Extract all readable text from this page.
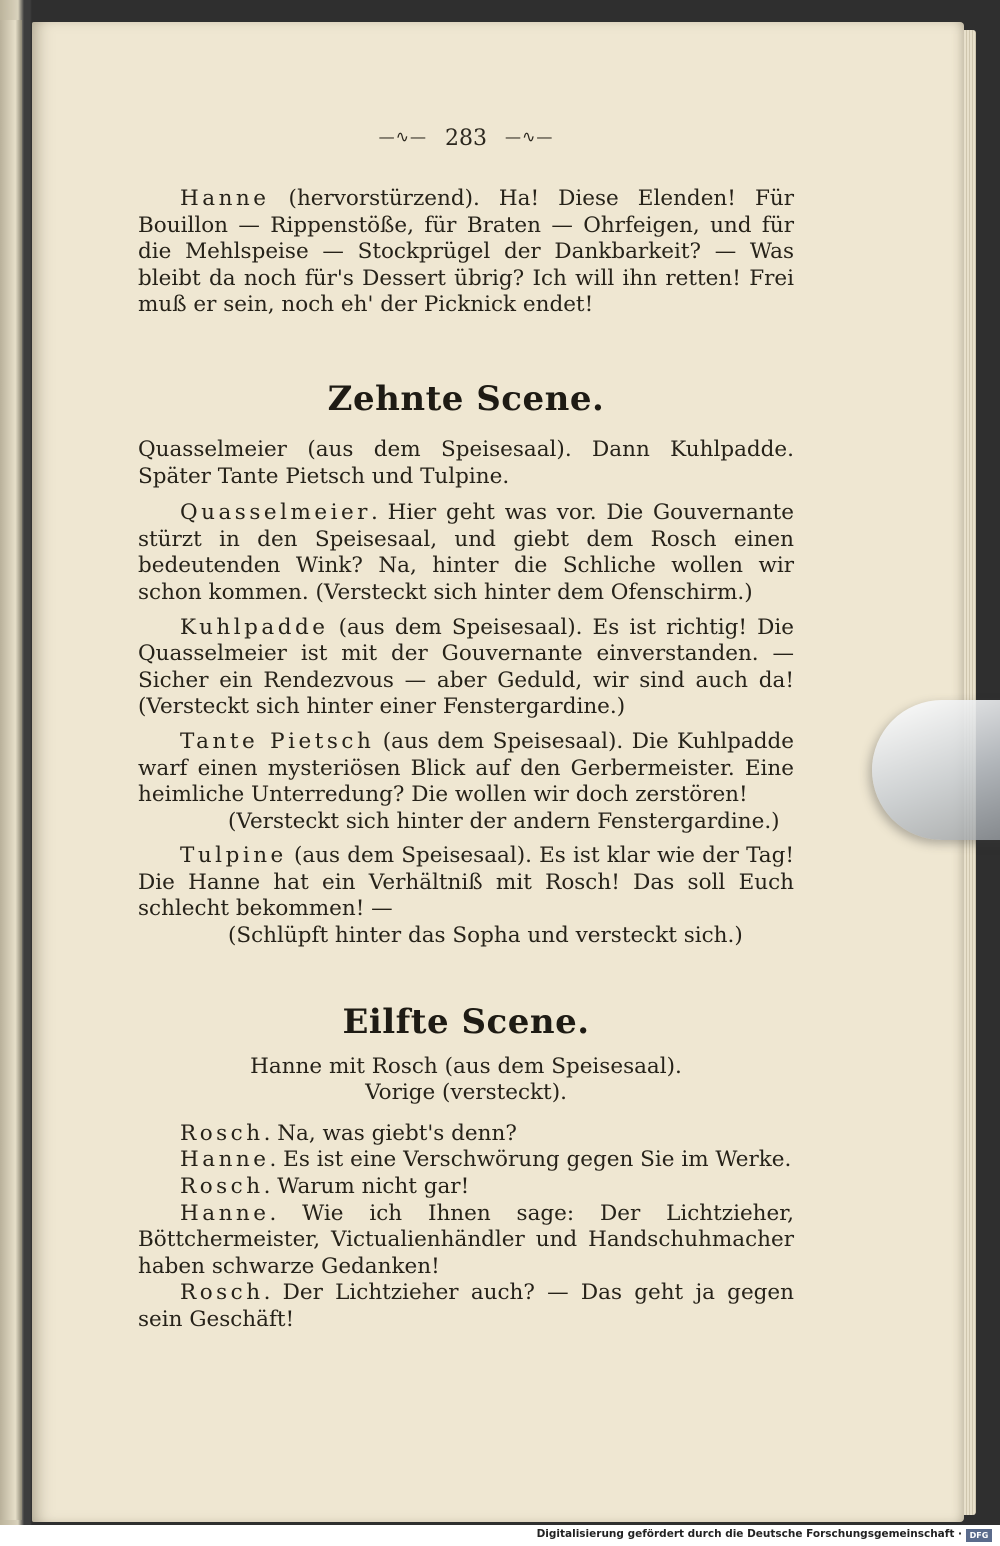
—∿— 283 —∿—

Hanne (hervorstürzend). Ha! Diese Elenden! Für Bouillon — Rippenstöße, für Braten — Ohrfeigen, und für die Mehlspeise — Stockprügel der Dankbarkeit? — Was bleibt da noch für's Dessert übrig? Ich will ihn retten! Frei muß er sein, noch eh' der Picknick endet!

Zehnte Scene.

Quasselmeier (aus dem Speisesaal). Dann Kuhlpadde. Später Tante Pietsch und Tulpine.

Quasselmeier. Hier geht was vor. Die Gouvernante stürzt in den Speisesaal, und giebt dem Rosch einen bedeutenden Wink? Na, hinter die Schliche wollen wir schon kommen. (Versteckt sich hinter dem Ofenschirm.)

Kuhlpadde (aus dem Speisesaal). Es ist richtig! Die Quasselmeier ist mit der Gouvernante einverstanden. — Sicher ein Rendezvous — aber Geduld, wir sind auch da! (Versteckt sich hinter einer Fenstergardine.)

Tante Pietsch (aus dem Speisesaal). Die Kuhlpadde warf einen mysteriösen Blick auf den Gerbermeister. Eine heimliche Unterredung? Die wollen wir doch zerstören!

(Versteckt sich hinter der andern Fenstergardine.)

Tulpine (aus dem Speisesaal). Es ist klar wie der Tag! Die Hanne hat ein Verhältniß mit Rosch! Das soll Euch schlecht bekommen! —

(Schlüpft hinter das Sopha und versteckt sich.)

Eilfte Scene.

Hanne mit Rosch (aus dem Speisesaal).

Vorige (versteckt).

Rosch. Na, was giebt's denn?

Hanne. Es ist eine Verschwörung gegen Sie im Werke.

Rosch. Warum nicht gar!

Hanne. Wie ich Ihnen sage: Der Lichtzieher, Böttchermeister, Victualienhändler und Handschuhmacher haben schwarze Gedanken!

Rosch. Der Lichtzieher auch? — Das geht ja gegen sein Geschäft!

Digitalisierung gefördert durch die Deutsche Forschungsgemeinschaft · DFG
